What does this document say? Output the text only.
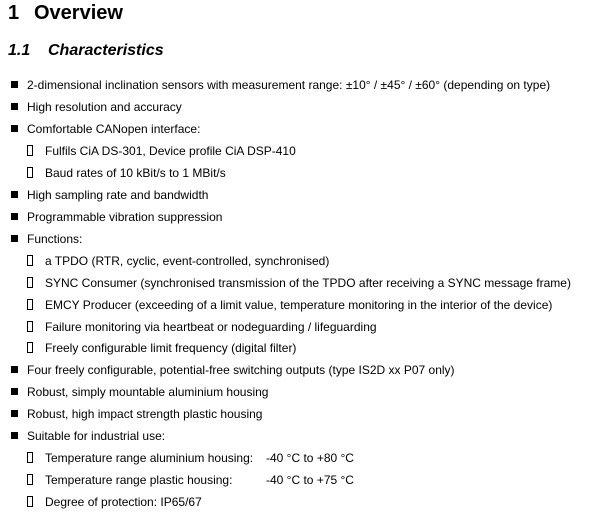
1 Overview
1.1 Characteristics
2-dimensional inclination sensors with measurement range: ±10° / ±45° / ±60° (depending on type)
High resolution and accuracy
Comfortable CANopen interface:
Fulfils CiA DS-301, Device profile CiA DSP-410
Baud rates of 10 kBit/s to 1 MBit/s
High sampling rate and bandwidth
Programmable vibration suppression
Functions:
a TPDO (RTR, cyclic, event-controlled, synchronised)
SYNC Consumer (synchronised transmission of the TPDO after receiving a SYNC message frame)
EMCY Producer (exceeding of a limit value, temperature monitoring in the interior of the device)
Failure monitoring via heartbeat or nodeguarding / lifeguarding
Freely configurable limit frequency (digital filter)
Four freely configurable, potential-free switching outputs (type IS2D xx P07 only)
Robust, simply mountable aluminium housing
Robust, high impact strength plastic housing
Suitable for industrial use:
Temperature range aluminium housing: -40 °C to +80 °C
Temperature range plastic housing:	-40 °C to +75 °C
Degree of protection: IP65/67
